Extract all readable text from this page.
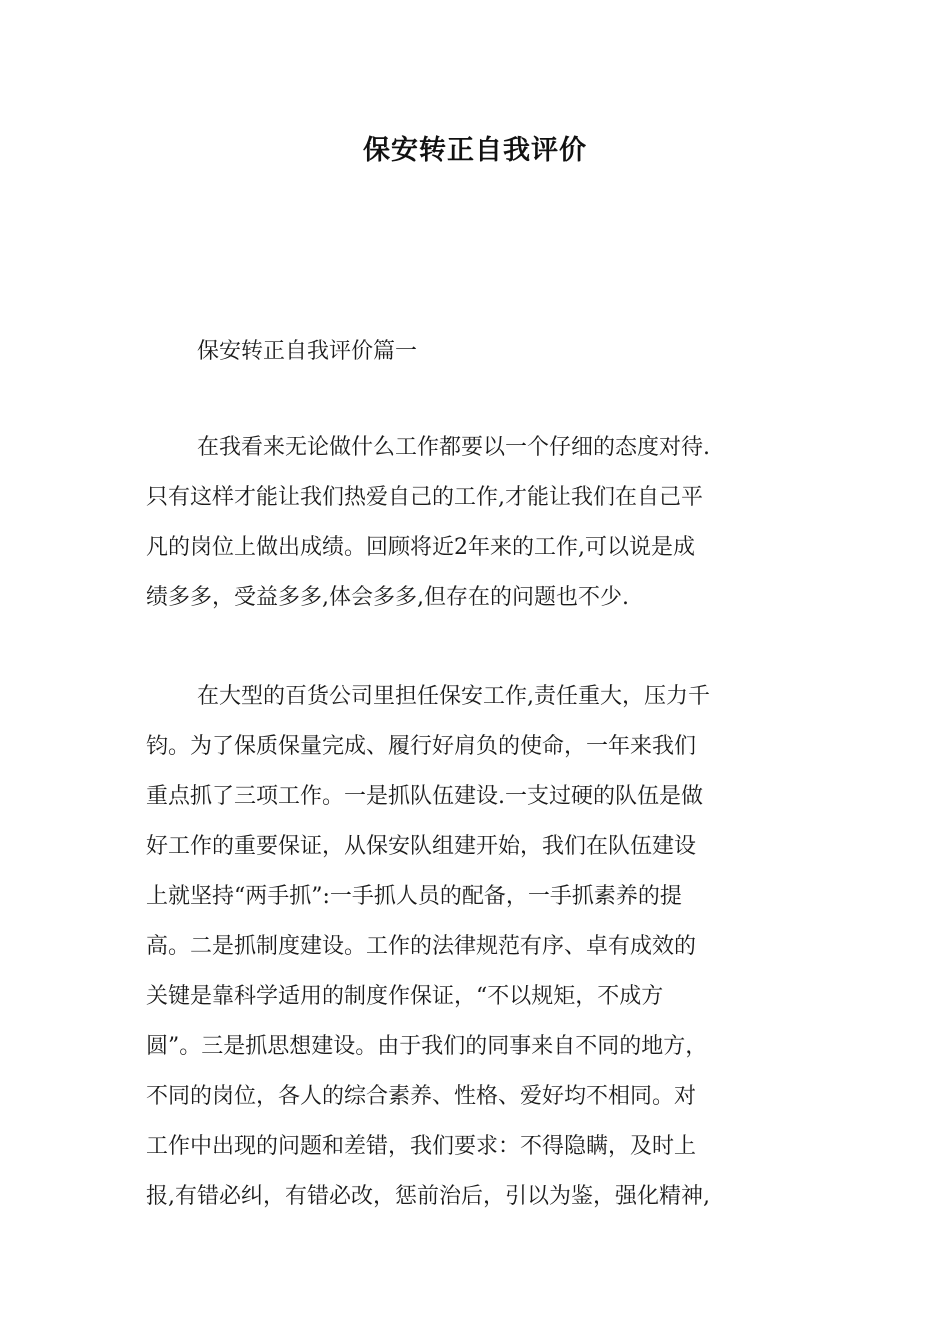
保安转正自我评价
保安转正自我评价篇一
在我看来无论做什么工作都要以一个仔细的态度对待.
只有这样才能让我们热爱自己的工作,才能让我们在自己平
凡的岗位上做出成绩。回顾将近2年来的工作,可以说是成
绩多多，受益多多,体会多多,但存在的问题也不少.
在大型的百货公司里担任保安工作,责任重大，压力千
钧。为了保质保量完成、履行好肩负的使命，一年来我们
重点抓了三项工作。一是抓队伍建设.一支过硬的队伍是做
好工作的重要保证，从保安队组建开始，我们在队伍建设
上就坚持“两手抓”:一手抓人员的配备，一手抓素养的提
高。二是抓制度建设。工作的法律规范有序、卓有成效的
关键是靠科学适用的制度作保证，“不以规矩，不成方
圆”。三是抓思想建设。由于我们的同事来自不同的地方，
不同的岗位，各人的综合素养、性格、爱好均不相同。对
工作中出现的问题和差错，我们要求：不得隐瞒，及时上
报,有错必纠，有错必改，惩前治后，引以为鉴，强化精神,
